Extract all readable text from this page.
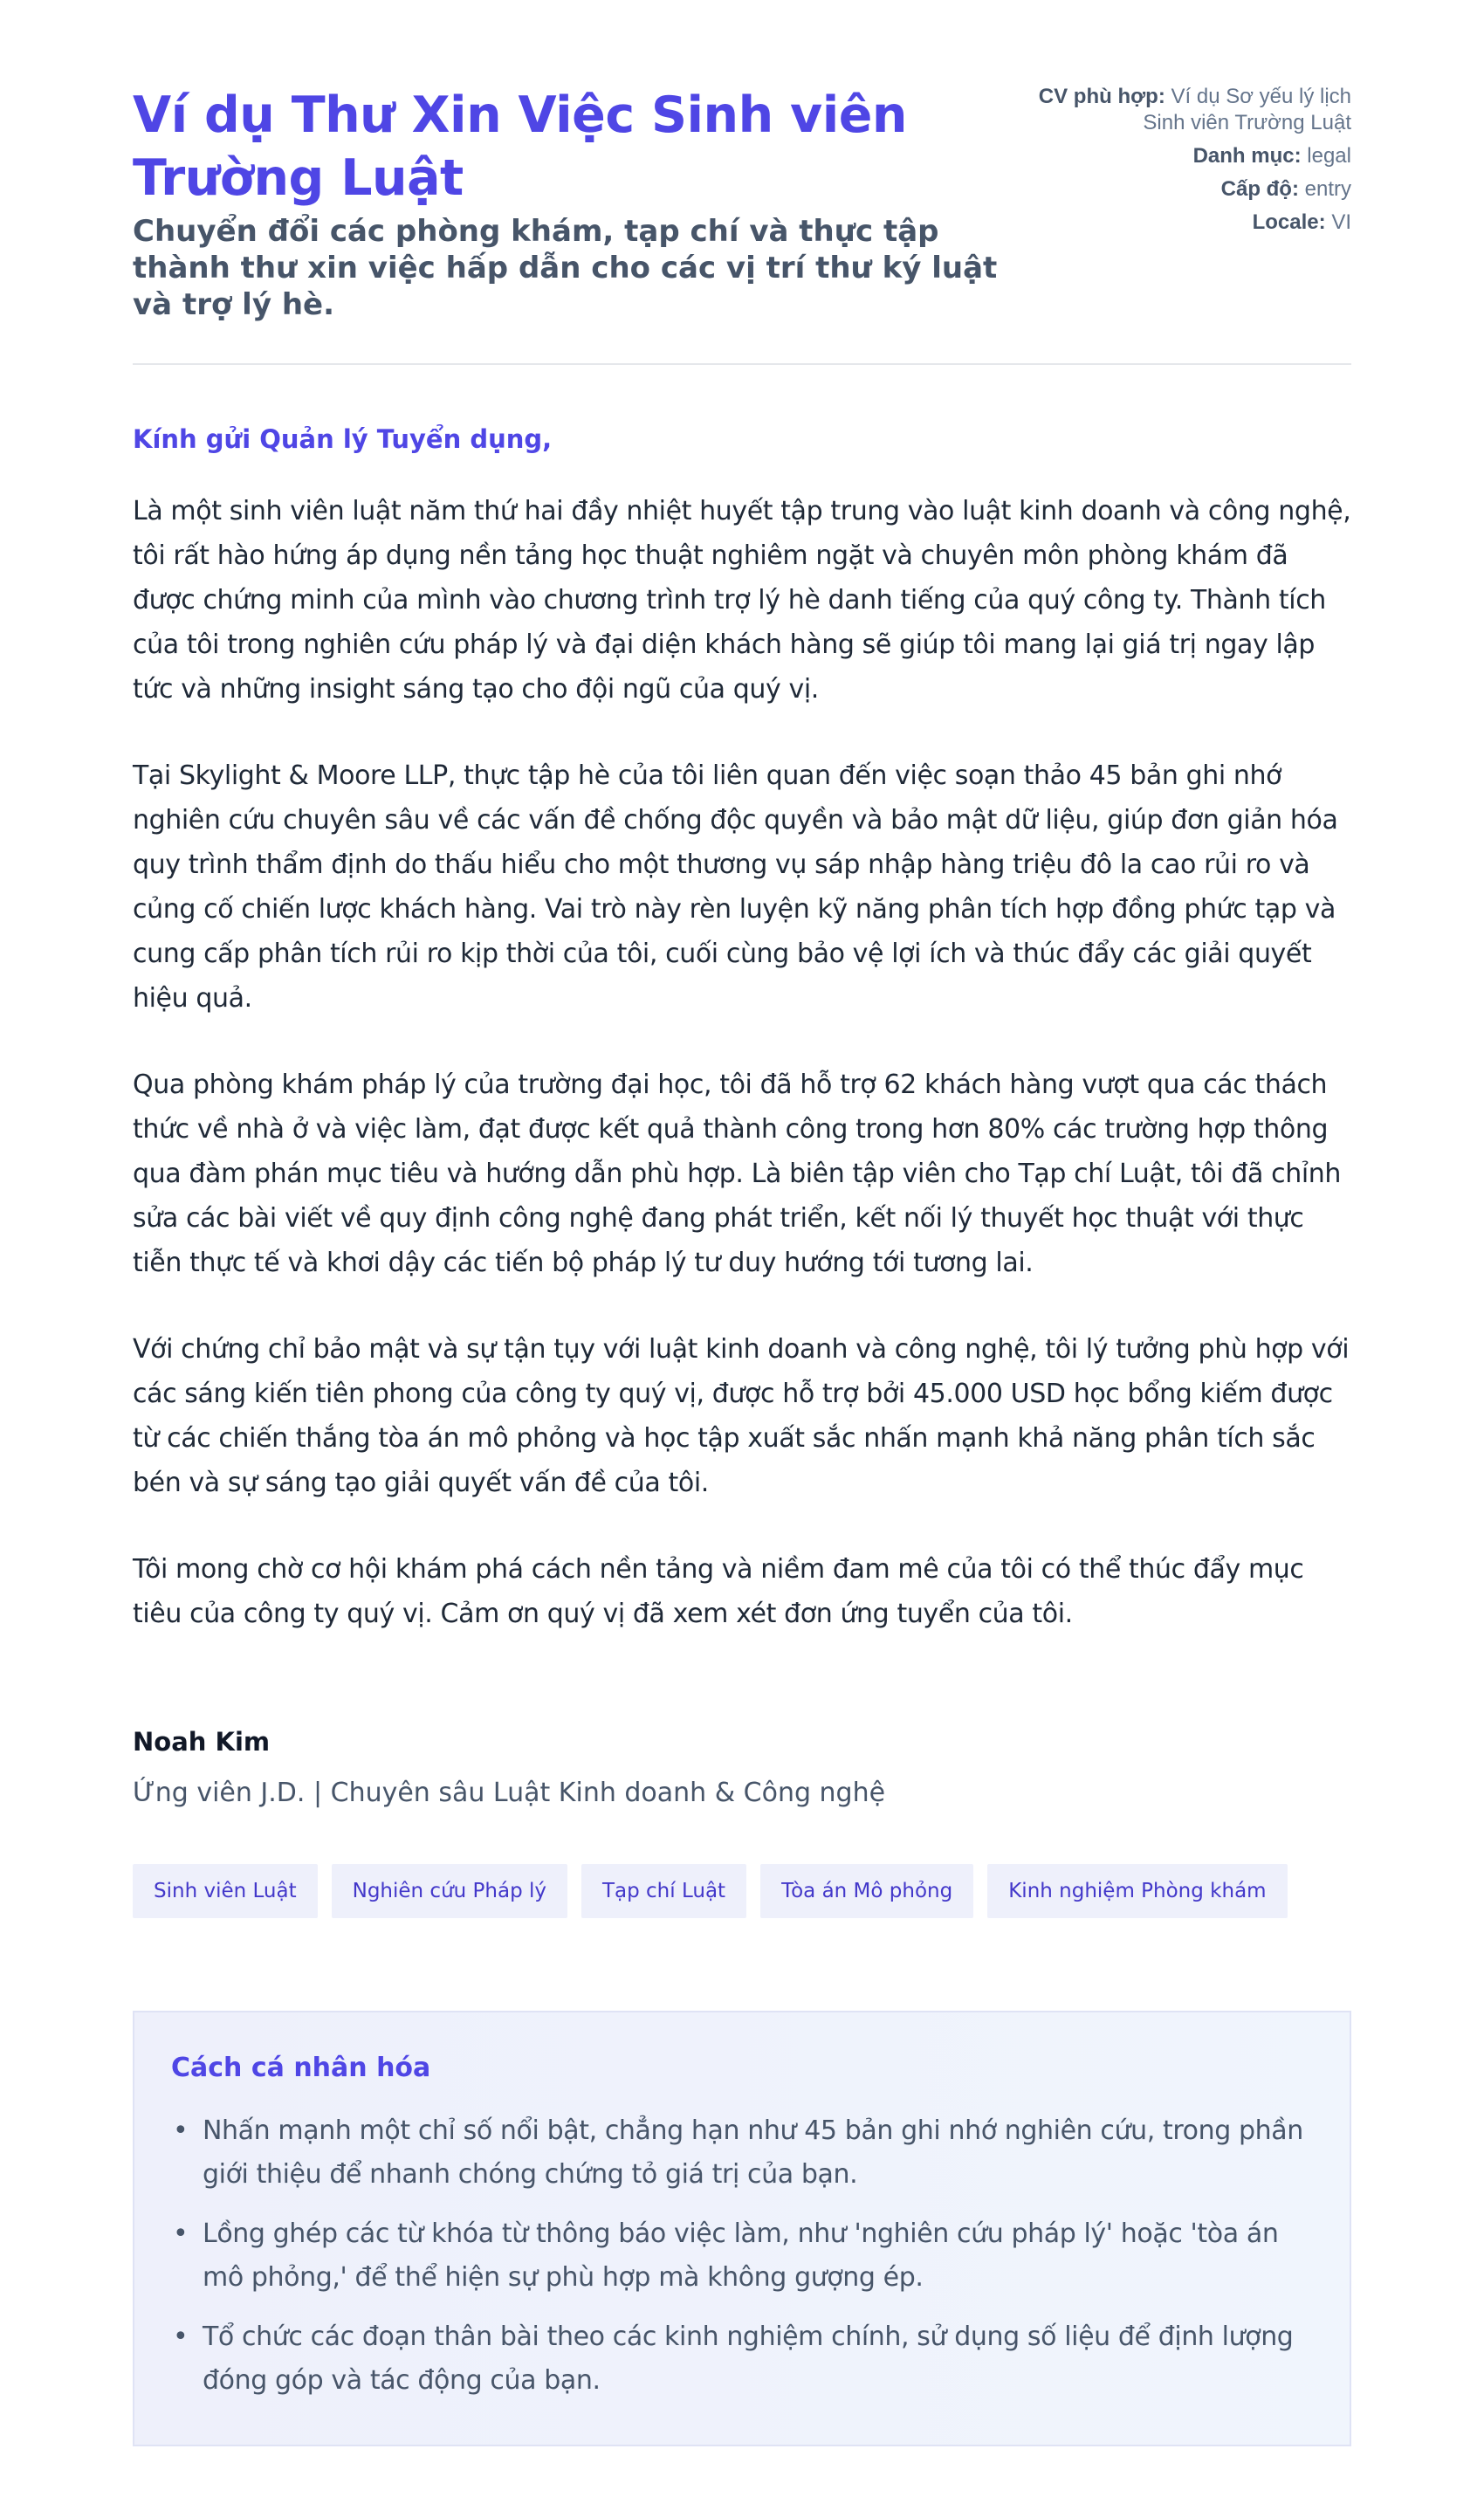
Ví dụ Thư Xin Việc Sinh viên Trường Luật
Chuyển đổi các phòng khám, tạp chí và thực tập thành thư xin việc hấp dẫn cho các vị trí thư ký luật và trợ lý hè.
CV phù hợp: Ví dụ Sơ yếu lý lịch Sinh viên Trường Luật
Danh mục: legal
Cấp độ: entry
Locale: VI
Kính gửi Quản lý Tuyển dụng,

Là một sinh viên luật năm thứ hai đầy nhiệt huyết tập trung vào luật kinh doanh và công nghệ, tôi rất hào hứng áp dụng nền tảng học thuật nghiêm ngặt và chuyên môn phòng khám đã được chứng minh của mình vào chương trình trợ lý hè danh tiếng của quý công ty. Thành tích của tôi trong nghiên cứu pháp lý và đại diện khách hàng sẽ giúp tôi mang lại giá trị ngay lập tức và những insight sáng tạo cho đội ngũ của quý vị.

Tại Skylight & Moore LLP, thực tập hè của tôi liên quan đến việc soạn thảo 45 bản ghi nhớ nghiên cứu chuyên sâu về các vấn đề chống độc quyền và bảo mật dữ liệu, giúp đơn giản hóa quy trình thẩm định do thấu hiểu cho một thương vụ sáp nhập hàng triệu đô la cao rủi ro và củng cố chiến lược khách hàng. Vai trò này rèn luyện kỹ năng phân tích hợp đồng phức tạp và cung cấp phân tích rủi ro kịp thời của tôi, cuối cùng bảo vệ lợi ích và thúc đẩy các giải quyết hiệu quả.

Qua phòng khám pháp lý của trường đại học, tôi đã hỗ trợ 62 khách hàng vượt qua các thách thức về nhà ở và việc làm, đạt được kết quả thành công trong hơn 80% các trường hợp thông qua đàm phán mục tiêu và hướng dẫn phù hợp. Là biên tập viên cho Tạp chí Luật, tôi đã chỉnh sửa các bài viết về quy định công nghệ đang phát triển, kết nối lý thuyết học thuật với thực tiễn thực tế và khơi dậy các tiến bộ pháp lý tư duy hướng tới tương lai.

Với chứng chỉ bảo mật và sự tận tụy với luật kinh doanh và công nghệ, tôi lý tưởng phù hợp với các sáng kiến tiên phong của công ty quý vị, được hỗ trợ bởi 45.000 USD học bổng kiếm được từ các chiến thắng tòa án mô phỏng và học tập xuất sắc nhấn mạnh khả năng phân tích sắc bén và sự sáng tạo giải quyết vấn đề của tôi.

Tôi mong chờ cơ hội khám phá cách nền tảng và niềm đam mê của tôi có thể thúc đẩy mục tiêu của công ty quý vị. Cảm ơn quý vị đã xem xét đơn ứng tuyển của tôi.

Noah Kim
Ứng viên J.D. | Chuyên sâu Luật Kinh doanh & Công nghệ
Sinh viên Luật	Nghiên cứu Pháp lý	Tạp chí Luật	Tòa án Mô phỏng	Kinh nghiệm Phòng khám
Cách cá nhân hóa
• Nhấn mạnh một chỉ số nổi bật, chẳng hạn như 45 bản ghi nhớ nghiên cứu, trong phần giới thiệu để nhanh chóng chứng tỏ giá trị của bạn.
• Lồng ghép các từ khóa từ thông báo việc làm, như 'nghiên cứu pháp lý' hoặc 'tòa án mô phỏng,' để thể hiện sự phù hợp mà không gượng ép.
• Tổ chức các đoạn thân bài theo các kinh nghiệm chính, sử dụng số liệu để định lượng đóng góp và tác động của bạn.
